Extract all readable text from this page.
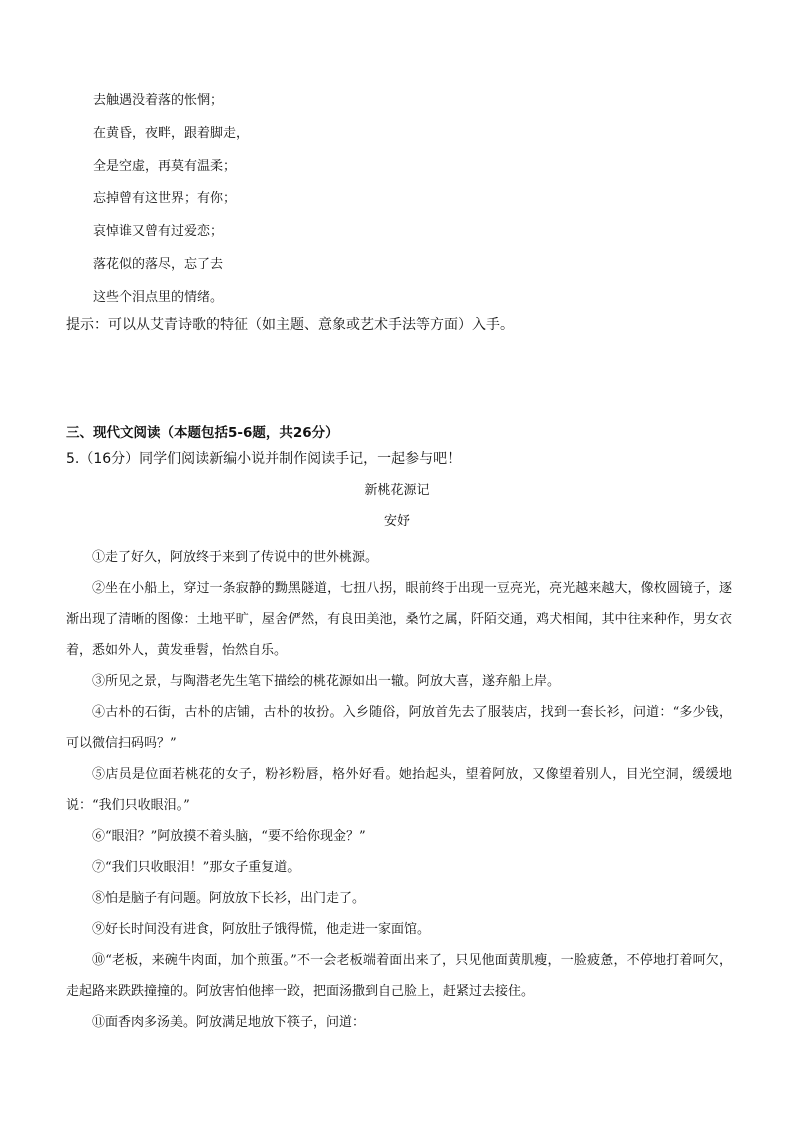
去触遇没着落的怅惘；

在黄昏，夜畔，跟着脚走，

全是空虚，再莫有温柔；

忘掉曾有这世界；有你；

哀悼谁又曾有过爱恋；

落花似的落尽，忘了去

这些个泪点里的情绪。

提示：可以从艾青诗歌的特征（如主题、意象或艺术手法等方面）入手。
三、现代文阅读（本题包括5-6题，共26分）
5.（16分）同学们阅读新编小说并制作阅读手记，一起参与吧！
新桃花源记
安妤

①走了好久，阿放终于来到了传说中的世外桃源。

②坐在小船上，穿过一条寂静的黝黑隧道，七扭八拐，眼前终于出现一豆亮光，亮光越来越大，像枚圆镜子，逐渐出现了清晰的图像：土地平旷，屋舍俨然，有良田美池，桑竹之属，阡陌交通，鸡犬相闻，其中往来种作，男女衣着，悉如外人，黄发垂髫，怡然自乐。

③所见之景，与陶潜老先生笔下描绘的桃花源如出一辙。阿放大喜，遂弃船上岸。

④古朴的石街，古朴的店铺，古朴的妆扮。入乡随俗，阿放首先去了服装店，找到一套长衫，问道：“多少钱，可以微信扫码吗？”

⑤店员是位面若桃花的女子，粉衫粉唇，格外好看。她抬起头，望着阿放，又像望着别人，目光空洞，缓缓地说：“我们只收眼泪。”

⑥“眼泪？”阿放摸不着头脑，“要不给你现金？”

⑦“我们只收眼泪！”那女子重复道。

⑧怕是脑子有问题。阿放放下长衫，出门走了。

⑨好长时间没有进食，阿放肚子饿得慌，他走进一家面馆。

⑩“老板，来碗牛肉面，加个煎蛋。”不一会老板端着面出来了，只见他面黄肌瘦，一脸疲惫，不停地打着呵欠，走起路来跌跌撞撞的。阿放害怕他摔一跤，把面汤撒到自己脸上，赶紧过去接住。

⑪面香肉多汤美。阿放满足地放下筷子，问道：
